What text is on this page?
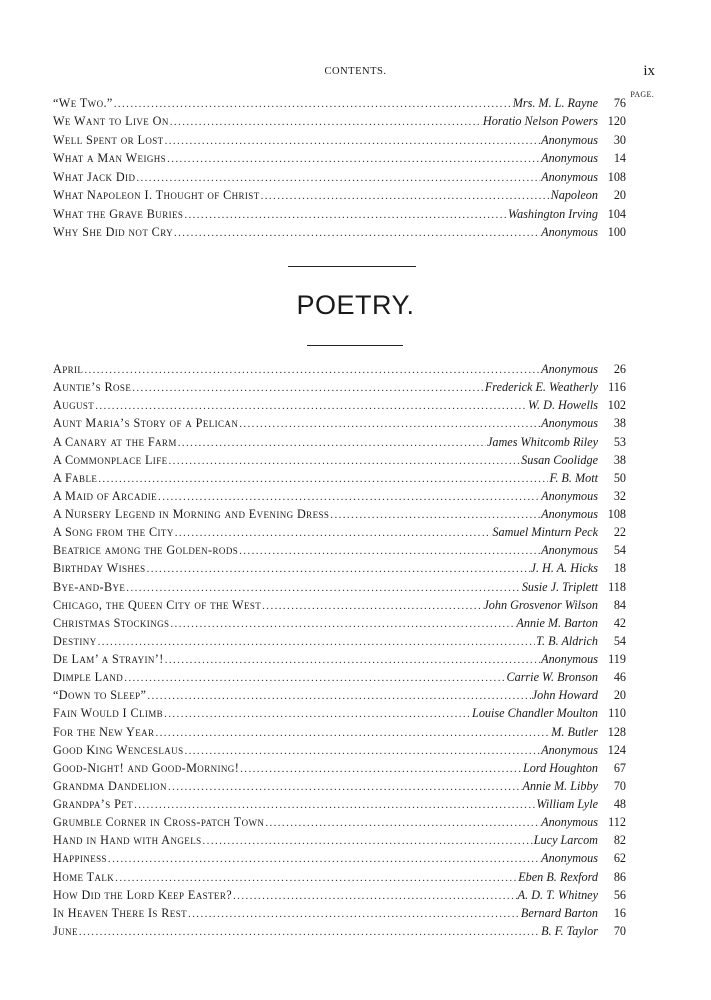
CONTENTS.	ix
PAGE.
“We Two.” .....	Mrs. M. L. Rayne	76
We Want to Live On .....	Horatio Nelson Powers 120
Well Spent or Lost .....	Anonymous	30
What a Man Weighs .....	Anonymous	14
What Jack Did .....	Anonymous 108
What Napoleon I. Thought of Christ .....	Napoleon	20
What the Grave Buries .....	Washington Irving 104
Why She Did not Cry .....	Anonymous 100
POETRY.
April .....	Anonymous	26
Auntie’s Rose .....	Frederick E. Weatherly 116
August .....	W. D. Howells 102
Aunt Maria’s Story of a Pelican .....	Anonymous	38
A Canary at the Farm .....	James Whitcomb Riley	53
A Commonplace Life .....	Susan Coolidge	38
A Fable .....	F. B. Mott	50
A Maid of Arcadie .....	Anonymous	32
A Nursery Legend in Morning and Evening Dress .....	Anonymous 108
A Song from the City .....	Samuel Minturn Peck	22
Beatrice among the Golden-rods .....	Anonymous	54
Birthday Wishes .....	J. H. A. Hicks	18
Bye-and-Bye .....	Susie J. Triplett 118
Chicago, the Queen City of the West .....	John Grosvenor Wilson	84
Christmas Stockings .....	Annie M. Barton	42
Destiny .....	T. B. Aldrich	54
De Lam’ a Strayin’! .....	Anonymous 119
Dimple Land .....	Carrie W. Bronson	46
“Down to Sleep” .....	John Howard	20
Fain Would I Climb .....	Louise Chandler Moulton 110
For the New Year .....	M. Butler 128
Good King Wenceslaus .....	Anonymous 124
Good-Night! and Good-Morning! .....	Lord Houghton	67
Grandma Dandelion .....	Annie M. Libby	70
Grandpa’s Pet .....	William Lyle	48
Grumble Corner in Cross-patch Town .....	Anonymous 112
Hand in Hand with Angels .....	Lucy Larcom	82
Happiness .....	Anonymous	62
Home Talk .....	Eben B. Rexford	86
How Did the Lord Keep Easter? .....	A. D. T. Whitney	56
In Heaven There Is Rest .....	Bernard Barton	16
June .....	B. F. Taylor	70
